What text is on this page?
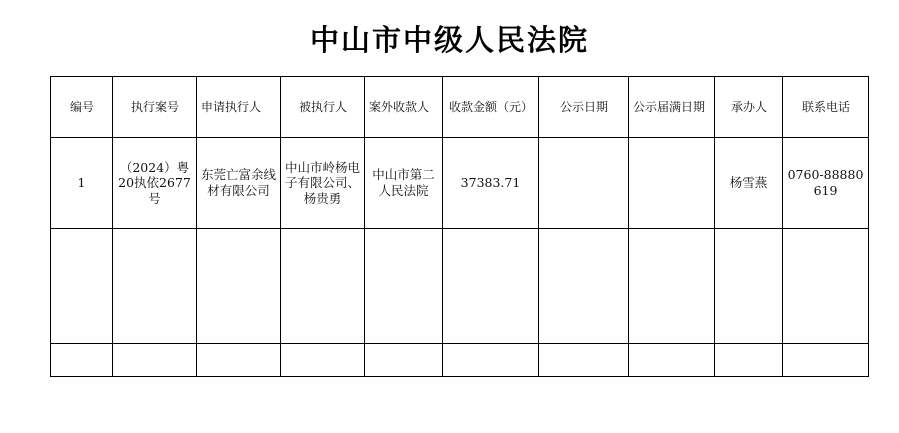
中山市中级人民法院
编号	执行案号	申请执行人	被执行人	案外收款人	收款金额（元）	公示日期	公示届满日期	承办人	联系电话

1	（2024）粤20执依2677号	东莞亡富余线材有限公司	中山市岭杨电子有限公司、杨贵勇	中山市第二人民法院	37383.71			杨雪燕	0760-88880619
